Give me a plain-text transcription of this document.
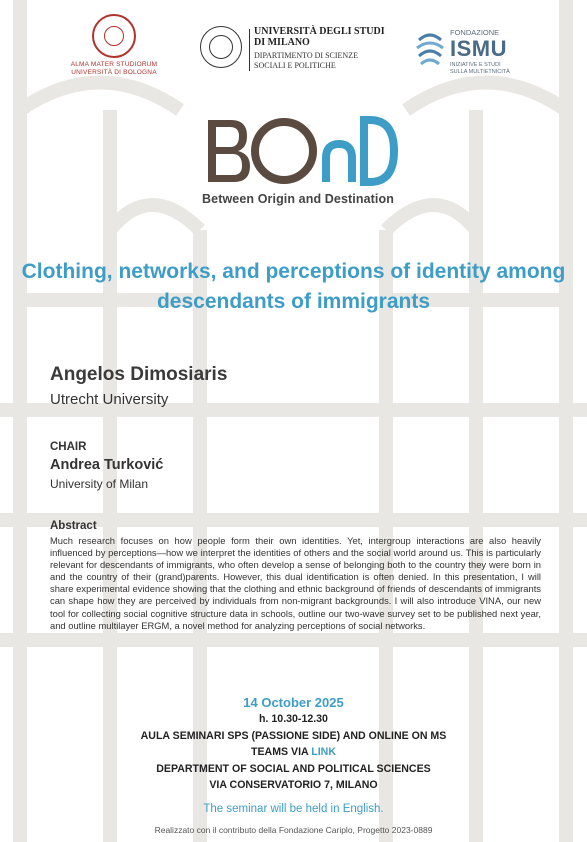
ALMA MATER STUDIORUM
UNIVERSITÀ DI BOLOGNA
UNIVERSITÀ DEGLI STUDI
DI MILANO
DIPARTIMENTO DI SCIENZE
SOCIALI E POLITICHE
FONDAZIONE
ISMU
INIZIATIVE E STUDI
SULLA MULTIETNICITÀ
Between Origin and Destination
Clothing, networks, and perceptions of identity among descendants of immigrants
Angelos Dimosiaris
Utrecht University
CHAIR
Andrea Turković
University of Milan
Abstract
Much research focuses on how people form their own identities. Yet, intergroup interactions are also heavily influenced by perceptions—how we interpret the identities of others and the social world around us. This is particularly relevant for descendants of immigrants, who often develop a sense of belonging both to the country they were born in and the country of their (grand)parents. However, this dual identification is often denied. In this presentation, I will share experimental evidence showing that the clothing and ethnic background of friends of descendants of immigrants can shape how they are perceived by individuals from non-migrant backgrounds. I will also introduce VINA, our new tool for collecting social cognitive structure data in schools, outline our two-wave survey set to be published next year, and outline multilayer ERGM, a novel method for analyzing perceptions of social networks.
14 October 2025
h. 10.30-12.30
AULA SEMINARI SPS (PASSIONE SIDE) AND ONLINE ON MS
TEAMS VIA LINK
DEPARTMENT OF SOCIAL AND POLITICAL SCIENCES
VIA CONSERVATORIO 7, MILANO
The seminar will be held in English.
Realizzato con il contributo della Fondazione Cariplo, Progetto 2023-0889
